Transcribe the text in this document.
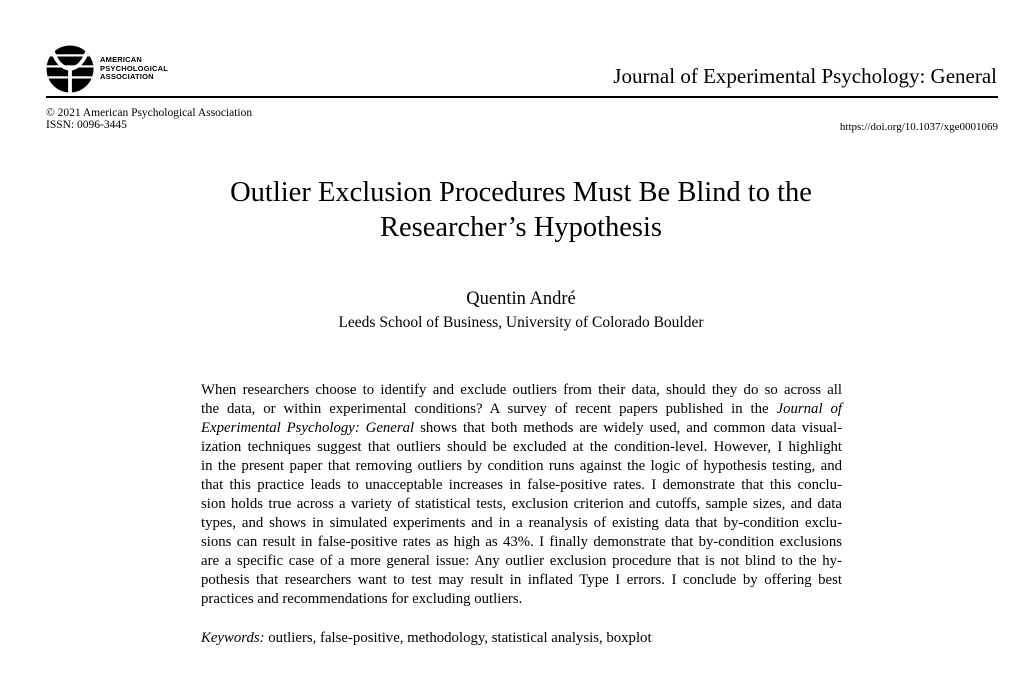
AMERICAN
PSYCHOLOGICAL
ASSOCIATION	Journal of Experimental Psychology: General
© 2021 American Psychological Association
ISSN: 0096-3445	https://doi.org/10.1037/xge0001069
Outlier Exclusion Procedures Must Be Blind to the
Researcher’s Hypothesis
Quentin André
Leeds School of Business, University of Colorado Boulder
When researchers choose to identify and exclude outliers from their data, should they do so across all
the data, or within experimental conditions? A survey of recent papers published in the Journal of
Experimental Psychology: General shows that both methods are widely used, and common data visual-
ization techniques suggest that outliers should be excluded at the condition-level. However, I highlight
in the present paper that removing outliers by condition runs against the logic of hypothesis testing, and
that this practice leads to unacceptable increases in false-positive rates. I demonstrate that this conclu-
sion holds true across a variety of statistical tests, exclusion criterion and cutoffs, sample sizes, and data
types, and shows in simulated experiments and in a reanalysis of existing data that by-condition exclu-
sions can result in false-positive rates as high as 43%. I finally demonstrate that by-condition exclusions
are a specific case of a more general issue: Any outlier exclusion procedure that is not blind to the hy-
pothesis that researchers want to test may result in inflated Type I errors. I conclude by offering best
practices and recommendations for excluding outliers.
Keywords: outliers, false-positive, methodology, statistical analysis, boxplot
